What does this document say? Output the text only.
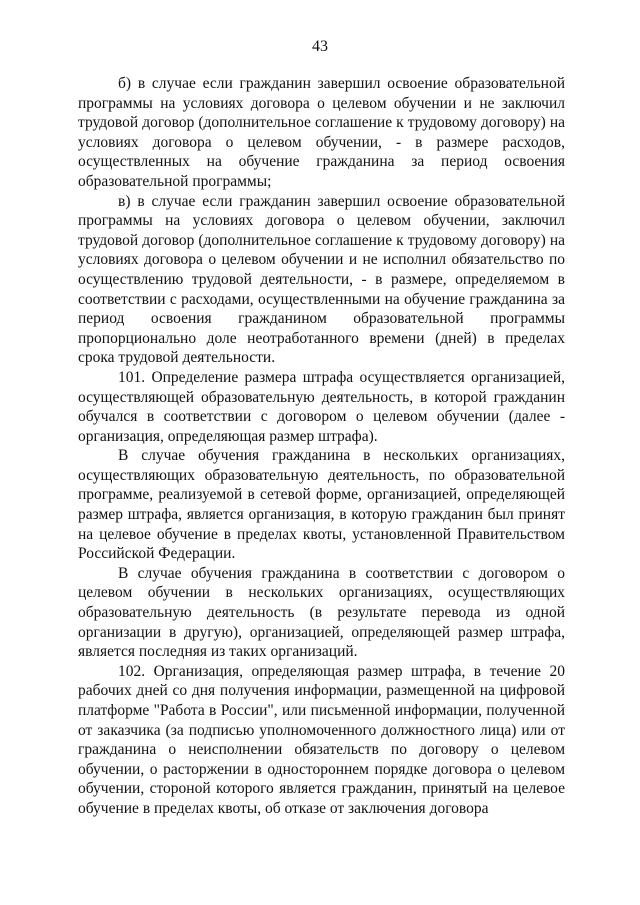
43

б) в случае если гражданин завершил освоение образовательной программы на условиях договора о целевом обучении и не заключил трудовой договор (дополнительное соглашение к трудовому договору) на условиях договора о целевом обучении, - в размере расходов, осуществленных на обучение гражданина за период освоения образовательной программы;

в) в случае если гражданин завершил освоение образовательной программы на условиях договора о целевом обучении, заключил трудовой договор (дополнительное соглашение к трудовому договору) на условиях договора о целевом обучении и не исполнил обязательство по осуществлению трудовой деятельности, - в размере, определяемом в соответствии с расходами, осуществленными на обучение гражданина за период освоения гражданином образовательной программы пропорционально доле неотработанного времени (дней) в пределах срока трудовой деятельности.

101. Определение размера штрафа осуществляется организацией, осуществляющей образовательную деятельность, в которой гражданин обучался в соответствии с договором о целевом обучении (далее - организация, определяющая размер штрафа).

В случае обучения гражданина в нескольких организациях, осуществляющих образовательную деятельность, по образовательной программе, реализуемой в сетевой форме, организацией, определяющей размер штрафа, является организация, в которую гражданин был принят на целевое обучение в пределах квоты, установленной Правительством Российской Федерации.

В случае обучения гражданина в соответствии с договором о целевом обучении в нескольких организациях, осуществляющих образовательную деятельность (в результате перевода из одной организации в другую), организацией, определяющей размер штрафа, является последняя из таких организаций.

102. Организация, определяющая размер штрафа, в течение 20 рабочих дней со дня получения информации, размещенной на цифровой платформе "Работа в России", или письменной информации, полученной от заказчика (за подписью уполномоченного должностного лица) или от гражданина о неисполнении обязательств по договору о целевом обучении, о расторжении в одностороннем порядке договора о целевом обучении, стороной которого является гражданин, принятый на целевое обучение в пределах квоты, об отказе от заключения договора
